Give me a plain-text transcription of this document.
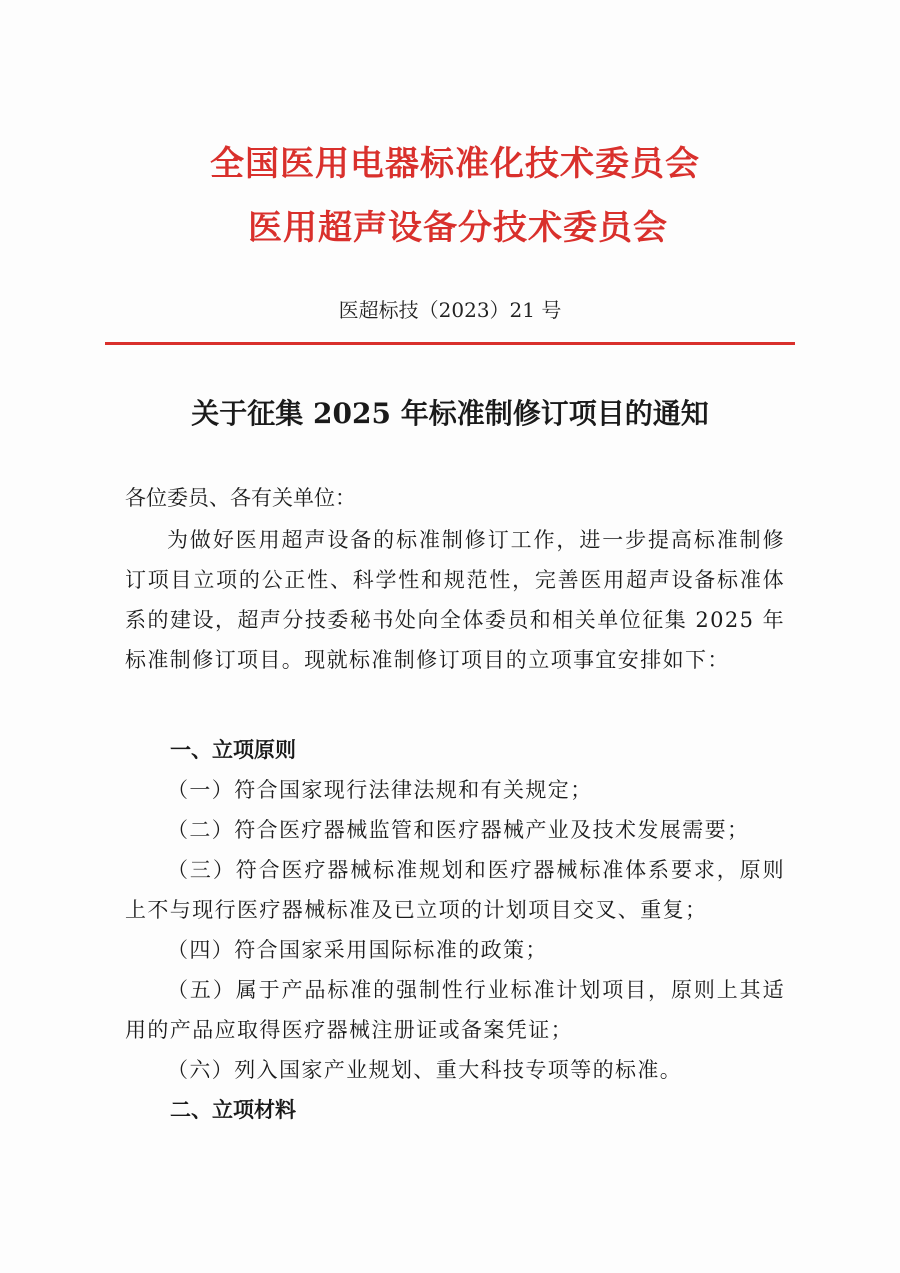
全国医用电器标准化技术委员会
医用超声设备分技术委员会
医超标技（2023）21 号
关于征集 2025 年标准制修订项目的通知

各位委员、各有关单位：

为做好医用超声设备的标准制修订工作，进一步提高标准制修订项目立项的公正性、科学性和规范性，完善医用超声设备标准体系的建设，超声分技委秘书处向全体委员和相关单位征集 2025 年标准制修订项目。现就标准制修订项目的立项事宜安排如下：

一、立项原则
（一）符合国家现行法律法规和有关规定；
（二）符合医疗器械监管和医疗器械产业及技术发展需要；
（三）符合医疗器械标准规划和医疗器械标准体系要求，原则上不与现行医疗器械标准及已立项的计划项目交叉、重复；
（四）符合国家采用国际标准的政策；
（五）属于产品标准的强制性行业标准计划项目，原则上其适用的产品应取得医疗器械注册证或备案凭证；
（六）列入国家产业规划、重大科技专项等的标准。
二、立项材料
